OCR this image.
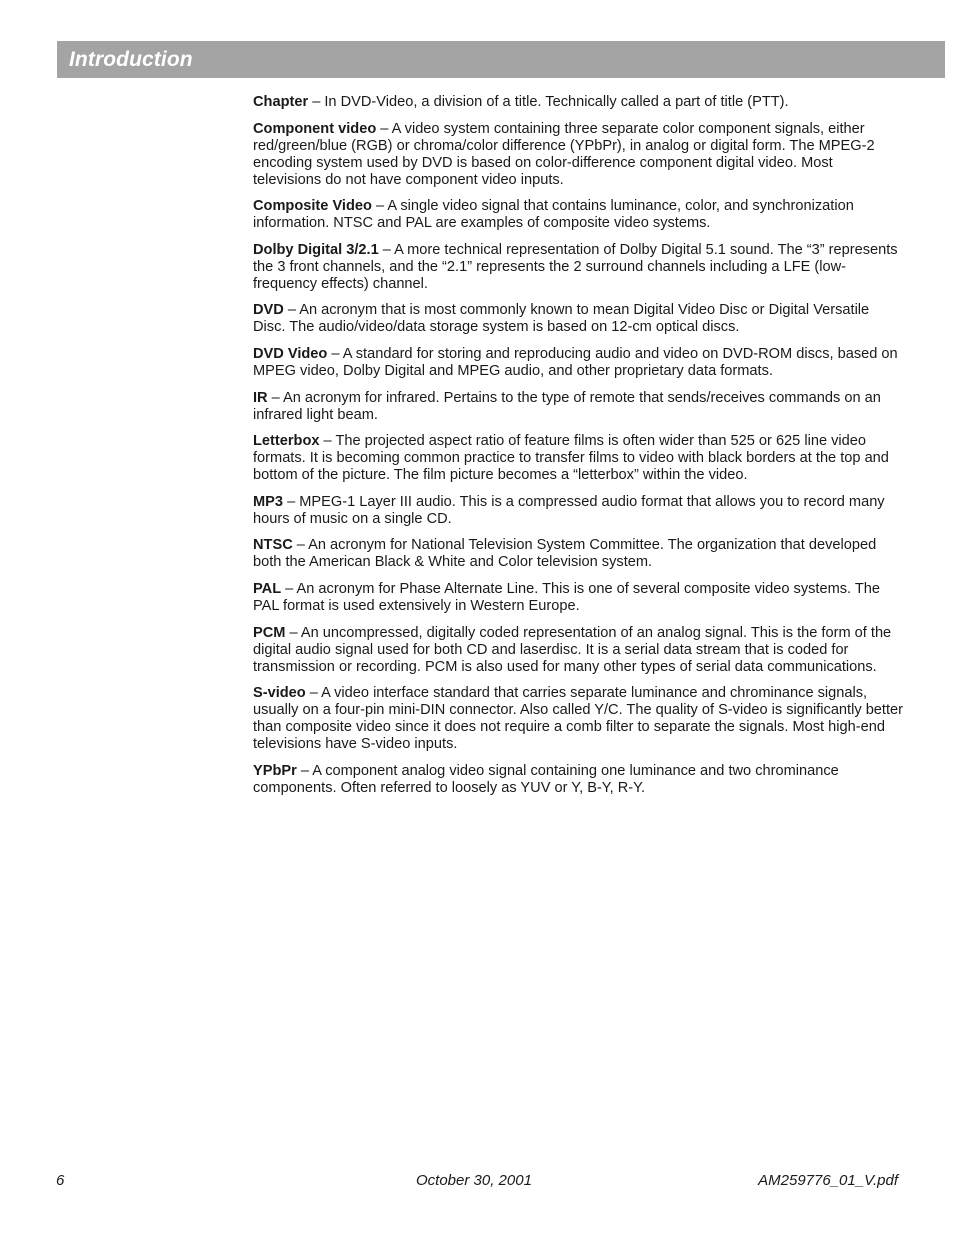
Introduction

Chapter – In DVD-Video, a division of a title. Technically called a part of title (PTT).

Component video – A video system containing three separate color component signals, either red/green/blue (RGB) or chroma/color difference (YPbPr), in analog or digital form. The MPEG-2 encoding system used by DVD is based on color-difference component digital video. Most televisions do not have component video inputs.

Composite Video – A single video signal that contains luminance, color, and synchronization information. NTSC and PAL are examples of composite video systems.

Dolby Digital 3/2.1 – A more technical representation of Dolby Digital 5.1 sound. The “3” represents the 3 front channels, and the “2.1” represents the 2 surround channels including a LFE (low-frequency effects) channel.

DVD – An acronym that is most commonly known to mean Digital Video Disc or Digital Versatile Disc. The audio/video/data storage system is based on 12-cm optical discs.

DVD Video – A standard for storing and reproducing audio and video on DVD-ROM discs, based on MPEG video, Dolby Digital and MPEG audio, and other proprietary data formats.

IR – An acronym for infrared. Pertains to the type of remote that sends/receives commands on an infrared light beam.

Letterbox – The projected aspect ratio of feature films is often wider than 525 or 625 line video formats. It is becoming common practice to transfer films to video with black borders at the top and bottom of the picture. The film picture becomes a “letterbox” within the video.

MP3 – MPEG-1 Layer III audio. This is a compressed audio format that allows you to record many hours of music on a single CD.

NTSC – An acronym for National Television System Committee. The organization that developed both the American Black & White and Color television system.

PAL – An acronym for Phase Alternate Line. This is one of several composite video systems. The PAL format is used extensively in Western Europe.

PCM – An uncompressed, digitally coded representation of an analog signal. This is the form of the digital audio signal used for both CD and laserdisc. It is a serial data stream that is coded for transmission or recording. PCM is also used for many other types of serial data communications.

S-video – A video interface standard that carries separate luminance and chrominance signals, usually on a four-pin mini-DIN connector. Also called Y/C. The quality of S-video is significantly better than composite video since it does not require a comb filter to separate the signals. Most high-end televisions have S-video inputs.

YPbPr – A component analog video signal containing one luminance and two chrominance components. Often referred to loosely as YUV or Y, B-Y, R-Y.

6	October 30, 2001	AM259776_01_V.pdf
